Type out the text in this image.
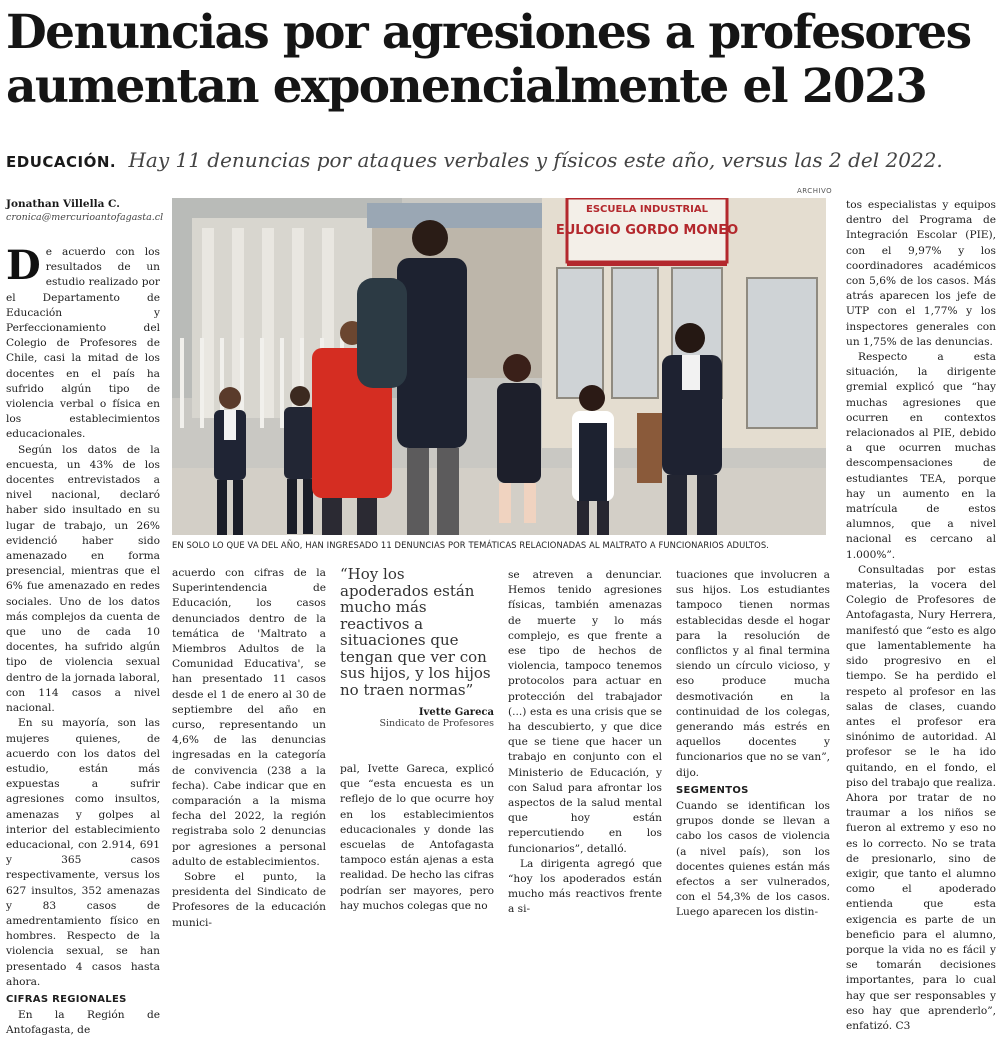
Denuncias por agresiones a profesores
aumentan exponencialmente el 2023
EDUCACIÓN. Hay 11 denuncias por ataques verbales y físicos este año, versus las 2 del 2022.
Jonathan Villella C.
cronica@mercurioantofagasta.cl
ARCHIVO
ESCUELA INDUSTRIAL
EULOGIO GORDO MONEO
EN SOLO LO QUE VA DEL AÑO, HAN INGRESADO 11 DENUNCIAS POR TEMÁTICAS RELACIONADAS AL MALTRATO A FUNCIONARIOS ADULTOS.

De acuerdo con los resultados de un estudio realizado por el Departamento de Educación y Perfeccionamiento del Colegio de Profesores de Chile, casi la mitad de los docentes en el país ha sufrido algún tipo de violencia verbal o física en los establecimientos educacionales.

Según los datos de la encuesta, un 43% de los docentes entrevistados a nivel nacional, declaró haber sido insultado en su lugar de trabajo, un 26% evidenció haber sido amenazado en forma presencial, mientras que el 6% fue amenazado en redes sociales. Uno de los datos más complejos da cuenta de que uno de cada 10 docentes, ha sufrido algún tipo de violencia sexual dentro de la jornada laboral, con 114 casos a nivel nacional.

En su mayoría, son las mujeres quienes, de acuerdo con los datos del estudio, están más expuestas a sufrir agresiones como insultos, amenazas y golpes al interior del establecimiento educacional, con 2.914, 691 y 365 casos respectivamente, versus los 627 insultos, 352 amenazas y 83 casos de amedrentamiento físico en hombres. Respecto de la violencia sexual, se han presentado 4 casos hasta ahora.

CIFRAS REGIONALES

En la Región de Antofagasta, de

acuerdo con cifras de la Superintendencia de Educación, los casos denunciados dentro de la temática de 'Maltrato a Miembros Adultos de la Comunidad Educativa', se han presentado 11 casos desde el 1 de enero al 30 de septiembre del año en curso, representando un 4,6% de las denuncias ingresadas en la categoría de convivencia (238 a la fecha). Cabe indicar que en comparación a la misma fecha del 2022, la región registraba solo 2 denuncias por agresiones a personal adulto de establecimientos.

Sobre el punto, la presidenta del Sindicato de Profesores de la educación munici-

“Hoy los apoderados están mucho más reactivos a situaciones que tengan que ver con sus hijos, y los hijos no traen normas”

Ivette Gareca
Sindicato de Profesores

pal, Ivette Gareca, explicó que “esta encuesta es un reflejo de lo que ocurre hoy en los establecimientos educacionales y donde las escuelas de Antofagasta tampoco están ajenas a esta realidad. De hecho las cifras podrían ser mayores, pero hay muchos colegas que no

se atreven a denunciar. Hemos tenido agresiones físicas, también amenazas de muerte y lo más complejo, es que frente a ese tipo de hechos de violencia, tampoco tenemos protocolos para actuar en protección del trabajador (...) esta es una crisis que se ha descubierto, y que dice que se tiene que hacer un trabajo en conjunto con el Ministerio de Educación, y con Salud para afrontar los aspectos de la salud mental que hoy están repercutiendo en los funcionarios”, detalló.

La dirigenta agregó que “hoy los apoderados están mucho más reactivos frente a si-

tuaciones que involucren a sus hijos. Los estudiantes tampoco tienen normas establecidas desde el hogar para la resolución de conflictos y al final termina siendo un círculo vicioso, y eso produce mucha desmotivación en la continuidad de los colegas, generando más estrés en aquellos docentes y funcionarios que no se van”, dijo.

SEGMENTOS

Cuando se identifican los grupos donde se llevan a cabo los casos de violencia (a nivel país), son los docentes quienes están más efectos a ser vulnerados, con el 54,3% de los casos. Luego aparecen los distin-

tos especialistas y equipos dentro del Programa de Integración Escolar (PIE), con el 9,97% y los coordinadores académicos con 5,6% de los casos. Más atrás aparecen los jefe de UTP con el 1,77% y los inspectores generales con un 1,75% de las denuncias.

Respecto a esta situación, la dirigente gremial explicó que “hay muchas agresiones que ocurren en contextos relacionados al PIE, debido a que ocurren muchas descompensaciones de estudiantes TEA, porque hay un aumento en la matrícula de estos alumnos, que a nivel nacional es cercano al 1.000%”.

Consultadas por estas materias, la vocera del Colegio de Profesores de Antofagasta, Nury Herrera, manifestó que “esto es algo que lamentablemente ha sido progresivo en el tiempo. Se ha perdido el respeto al profesor en las salas de clases, cuando antes el profesor era sinónimo de autoridad. Al profesor se le ha ido quitando, en el fondo, el piso del trabajo que realiza. Ahora por tratar de no traumar a los niños se fueron al extremo y eso no es lo correcto. No se trata de presionarlo, sino de exigir, que tanto el alumno como el apoderado entienda que esta exigencia es parte de un beneficio para el alumno, porque la vida no es fácil y se tomarán decisiones importantes, para lo cual hay que ser responsables y eso hay que aprenderlo”, enfatizó. C3
